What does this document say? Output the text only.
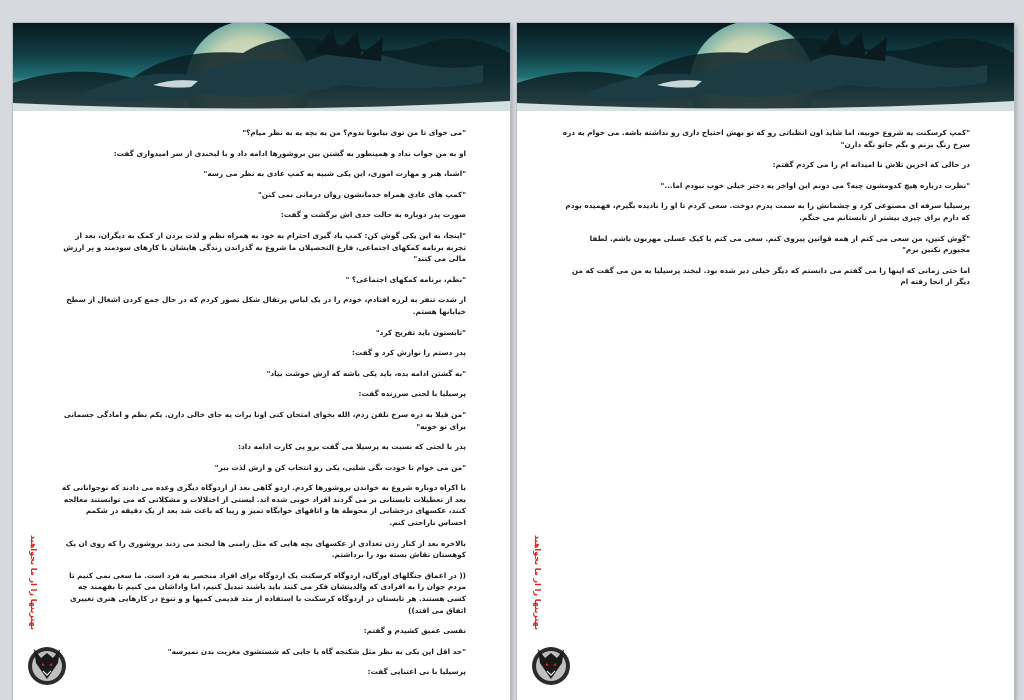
"می خوای تا من توی بیابونا بدوم؟ من یه بچه یه به نظر میام؟"

او به من جواب نداد و همینطور به گشتن بین بروشورها ادامه داد و با لبخندی از سر امیدواری گفت:

"اشنا، هنر و مهارت اموزی، این یکی شبیه به کمپ عادی به نظر می رسه"

"کمپ های عادی همراه خدماتشون روان درمانی نمی کنن"

صورت پدر دوباره به حالت جدی اش برگشت و گفت:

"اینجا، به این یکی گوش کن: کمپ یاد گیری احترام به خود به همراه نظم و لذت بردن از کمک به دیگران، بعد از تجربه برنامه کمکهای اجتماعی، فارغ التحصیلان ما شروع به گذراندن زندگی هایشان با کارهای سودمند و پر ارزش مالی می کنند"

"نظم، برنامه کمکهای اجتماعی؟ "

از شدت تنفر به لرزه افتادم، خودم را در یک لباس پرتقال شکل تصور کردم که در حال جمع کردن اشغال از سطح خیابانها هستم.

"تابستون باید تفریح کرد"

پدر دستم را نوازش کرد و گفت:

"به گشتن ادامه بده، باید یکی باشه که ازش خوشت بیاد"

پرسیلیا با لحنی سرزنده گفت:

"من قبلا به دره سرخ تلفن زدم، الله بخوای امتحان کنی اونا برات یه جای خالی دارن. یکم نظم و امادگی جسمانی برای تو خوبه"

پدر با لحنی که نسبت به پرسیلا می گفت برو پی کارت ادامه داد:

"من می خوام تا خودت بگی شلبی، یکی رو انتخاب کن و ازش لذت ببر"

با اکراه دوباره شروع به خواندن بروشورها کردم. اردو گاهی بعد از اردوگاه دیگری وعده می دادند که نوجوانانی که بعد از تعطیلات تابستانی بر می گردند افراد خوبی شده اند. لیستی از اختلالات و مشکلاتی که می توانستند معالجه کنند، عکسهای درخشانی از محوطه ها و اتاقهای خوابگاه تمیز و زیبا که باعث شد بعد از یک دقیقه در شکمم احساس ناراحتی کنم.

بالاخره بعد از کنار زدن تعدادی از عکسهای بچه هایی که مثل زامبی ها لبخند می زدند بروشوری را که روی ان یک کوهستان نقاش بسته بود را برداشتم.

(( در اعماق جنگلهای اورگان، اردوگاه کرسکنت یک اردوگاه برای افراد منحصر به فرد است. ما سعی نمی کنیم تا مردم جوان را به افرادی که والدینشان فکر می کنند باید باشند تبدیل کنیم، اما واداشان می کنیم تا بفهمند چه کسی هستند. هر تابستان در اردوگاه کرسکنت با استفاده از متد قدیمی کمپها و و تنوع در کارهایی هنری تغییری اتفاق می افتد))

نفسی عمیق کشیدم و گفتم:

"حد اقل این یکی به نظر مثل شکنجه گاه یا جایی که شستشوی مغزیت بدن نمیرسه"

پرسیلیا با بی اعتنایی گفت:

بهترینها را از ما بخواهید

"کمپ کرسکنت یه شروع خوبیه، اما شاید اون انظباتی رو که تو بهش احتیاج داری رو نداشته باشه. می خوام به دره سرخ زنگ بزنم و بگم جاتو نگه دارن"

در حالی که اخرین تلاش نا امیدانه ام را می کردم گفتم:

"نظرت درباره هیچ کدومشون چیه؟ می دونم این اواخر یه دختر خیلی خوب نبودم اما..."

پرسیلیا سرفه ای مصنوعی کرد و چشمانش را به سمت پدرم دوخت. سعی کردم تا او را نادیده بگیرم، فهمیده بودم که دارم برای چیزی بیشتر از تابستانم می جنگم.

"گوش کنین، من سعی می کنم از همه قوانین پیروی کنم. سعی می کنم با کیک عسلی مهربون باشم. لطفا مجبورم نکنین برم"

اما حتی زمانی که اینها را می گفتم می دانستم که دیگر خیلی دیر شده بود. لبخند پرسیلیا به من می گفت که من دیگر از انجا رفته ام

بهترینها را از ما بخواهید
